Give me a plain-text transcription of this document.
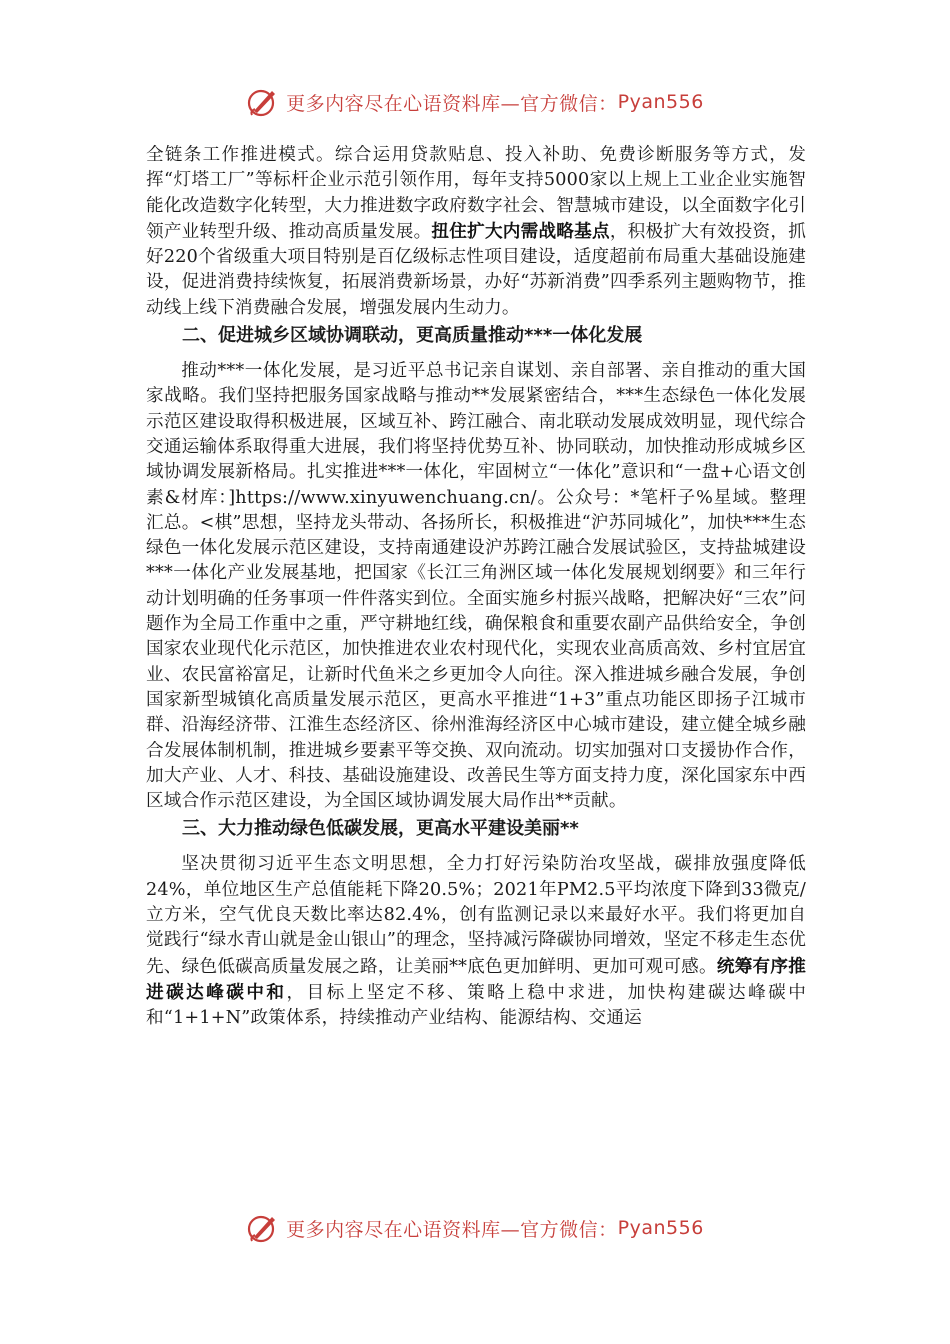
更多内容尽在心语资料库—官方微信： Pyan556

全链条工作推进模式。综合运用贷款贴息、投入补助、免费诊断服务等方式，发挥“灯塔工厂”等标杆企业示范引领作用，每年支持5000家以上规上工业企业实施智能化改造数字化转型，大力推进数字政府数字社会、智慧城市建设，以全面数字化引领产业转型升级、推动高质量发展。扭住扩大内需战略基点，积极扩大有效投资，抓好220个省级重大项目特别是百亿级标志性项目建设，适度超前布局重大基础设施建设，促进消费持续恢复，拓展消费新场景，办好“苏新消费”四季系列主题购物节，推动线上线下消费融合发展，增强发展内生动力。

二、促进城乡区域协调联动，更高质量推动***一体化发展

推动***一体化发展，是习近平总书记亲自谋划、亲自部署、亲自推动的重大国家战略。我们坚持把服务国家战略与推动**发展紧密结合，***生态绿色一体化发展示范区建设取得积极进展，区域互补、跨江融合、南北联动发展成效明显，现代综合交通运输体系取得重大进展，我们将坚持优势互补、协同联动，加快推动形成城乡区域协调发展新格局。扎实推进***一体化，牢固树立“一体化”意识和“一盘+心语文创素&材库：]https://www.xinyuwenchuang.cn/。公众号：*笔杆子%星域。整理汇总。<棋”思想，坚持龙头带动、各扬所长，积极推进“沪苏同城化”，加快***生态绿色一体化发展示范区建设，支持南通建设沪苏跨江融合发展试验区，支持盐城建设***一体化产业发展基地，把国家《长江三角洲区域一体化发展规划纲要》和三年行动计划明确的任务事项一件件落实到位。全面实施乡村振兴战略，把解决好“三农”问题作为全局工作重中之重，严守耕地红线，确保粮食和重要农副产品供给安全，争创国家农业现代化示范区，加快推进农业农村现代化，实现农业高质高效、乡村宜居宜业、农民富裕富足，让新时代鱼米之乡更加令人向往。深入推进城乡融合发展，争创国家新型城镇化高质量发展示范区，更高水平推进“1+3”重点功能区即扬子江城市群、沿海经济带、江淮生态经济区、徐州淮海经济区中心城市建设，建立健全城乡融合发展体制机制，推进城乡要素平等交换、双向流动。切实加强对口支援协作合作，加大产业、人才、科技、基础设施建设、改善民生等方面支持力度，深化国家东中西区域合作示范区建设，为全国区域协调发展大局作出**贡献。

三、大力推动绿色低碳发展，更高水平建设美丽**

坚决贯彻习近平生态文明思想，全力打好污染防治攻坚战，碳排放强度降低24%，单位地区生产总值能耗下降20.5%；2021年PM2.5平均浓度下降到33微克/立方米，空气优良天数比率达82.4%，创有监测记录以来最好水平。我们将更加自觉践行“绿水青山就是金山银山”的理念，坚持减污降碳协同增效，坚定不移走生态优先、绿色低碳高质量发展之路，让美丽**底色更加鲜明、更加可观可感。统筹有序推进碳达峰碳中和，目标上坚定不移、策略上稳中求进，加快构建碳达峰碳中和“1+1+N”政策体系，持续推动产业结构、能源结构、交通运

更多内容尽在心语资料库—官方微信： Pyan556
